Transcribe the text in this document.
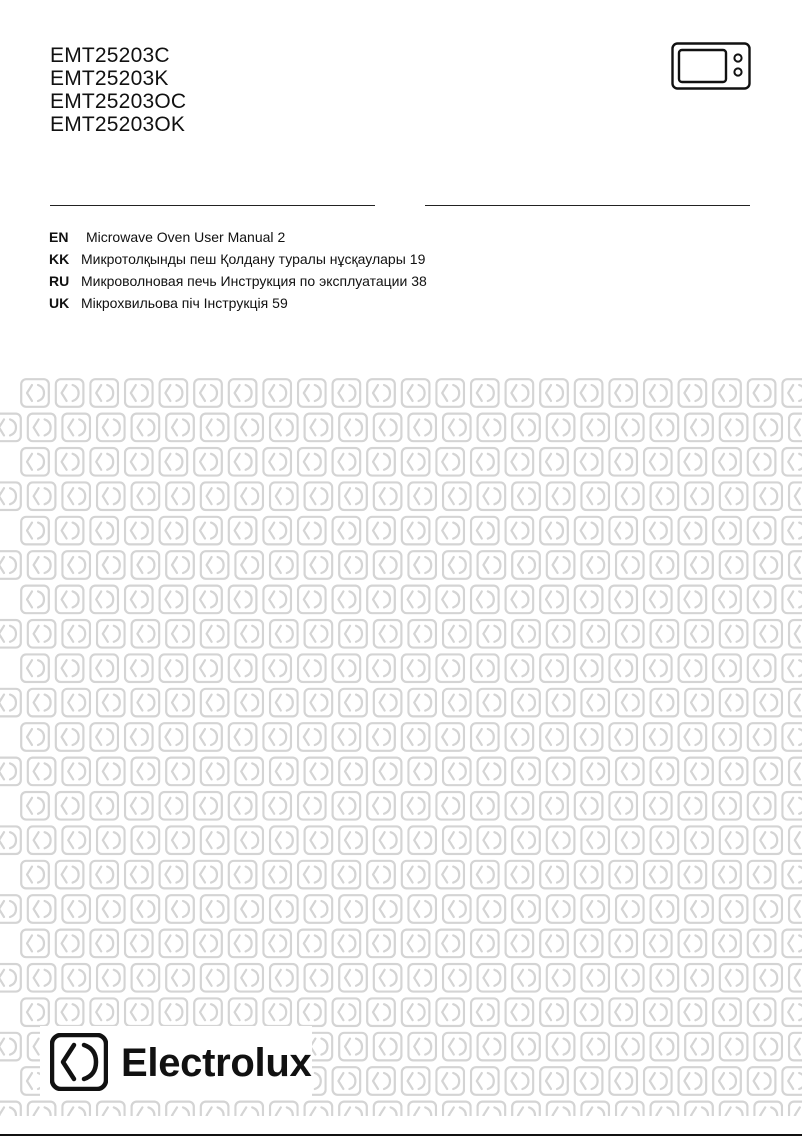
EMT25203C
EMT25203K
EMT25203OC
EMT25203OK
EN	Microwave Oven User Manual 2
KK Микротолқынды пеш Қолдану туралы нұсқаулары 19
RU Микроволновая печь Инструкция по эксплуатации 38
UK Мікрохвильова піч Інструкція 59
Electrolux
